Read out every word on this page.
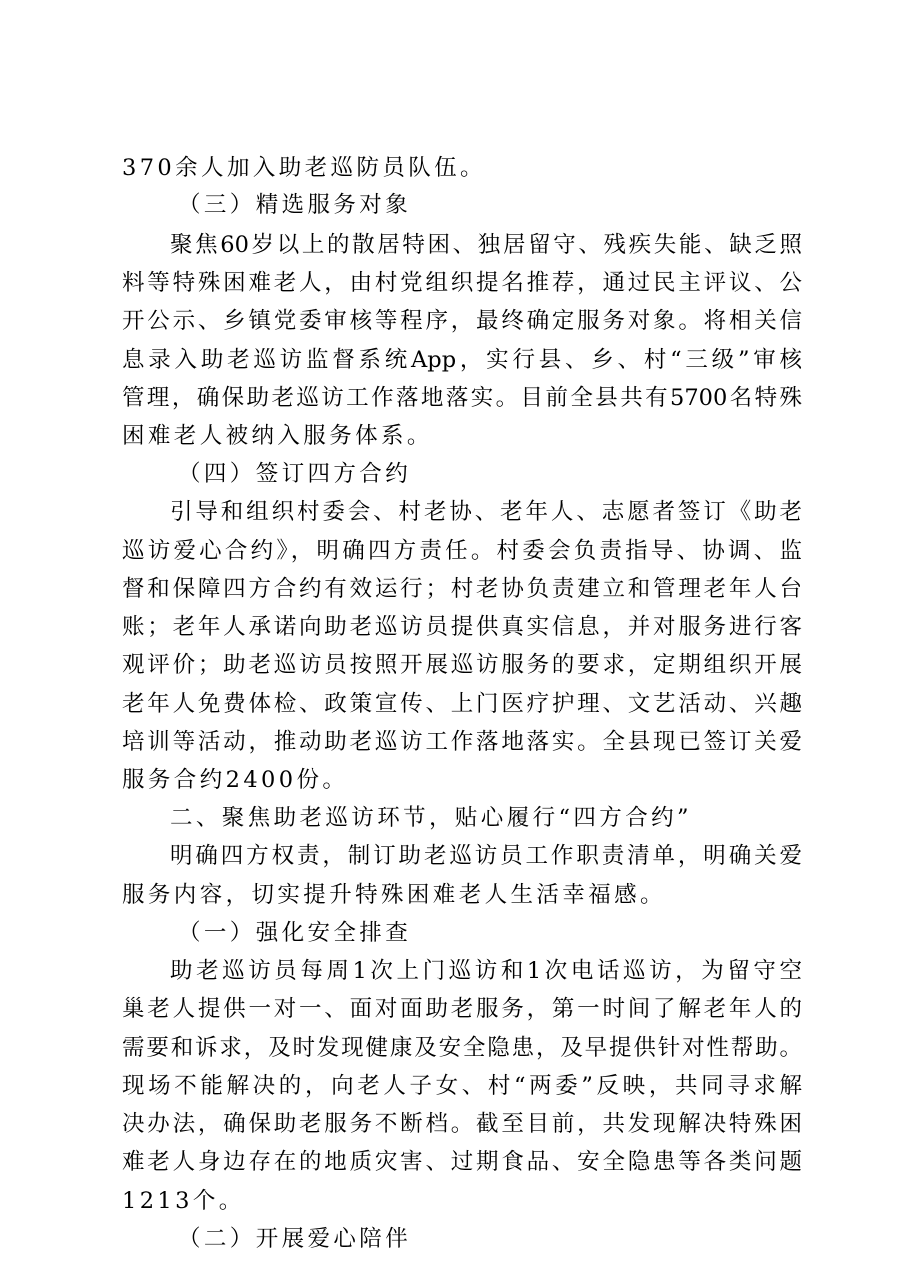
370余人加入助老巡防员队伍。
（三）精选服务对象
聚焦60岁以上的散居特困、独居留守、残疾失能、缺乏照
料等特殊困难老人，由村党组织提名推荐，通过民主评议、公
开公示、乡镇党委审核等程序，最终确定服务对象。将相关信
息录入助老巡访监督系统App，实行县、乡、村“三级”审核
管理，确保助老巡访工作落地落实。目前全县共有5700名特殊
困难老人被纳入服务体系。
（四）签订四方合约
引导和组织村委会、村老协、老年人、志愿者签订《助老
巡访爱心合约》，明确四方责任。村委会负责指导、协调、监
督和保障四方合约有效运行；村老协负责建立和管理老年人台
账；老年人承诺向助老巡访员提供真实信息，并对服务进行客
观评价；助老巡访员按照开展巡访服务的要求，定期组织开展
老年人免费体检、政策宣传、上门医疗护理、文艺活动、兴趣
培训等活动，推动助老巡访工作落地落实。全县现已签订关爱
服务合约2400份。
二、聚焦助老巡访环节，贴心履行“四方合约”
明确四方权责，制订助老巡访员工作职责清单，明确关爱
服务内容，切实提升特殊困难老人生活幸福感。
（一）强化安全排查
助老巡访员每周1次上门巡访和1次电话巡访，为留守空
巢老人提供一对一、面对面助老服务，第一时间了解老年人的
需要和诉求，及时发现健康及安全隐患，及早提供针对性帮助。
现场不能解决的，向老人子女、村“两委”反映，共同寻求解
决办法，确保助老服务不断档。截至目前，共发现解决特殊困
难老人身边存在的地质灾害、过期食品、安全隐患等各类问题
1213个。
（二）开展爱心陪伴
